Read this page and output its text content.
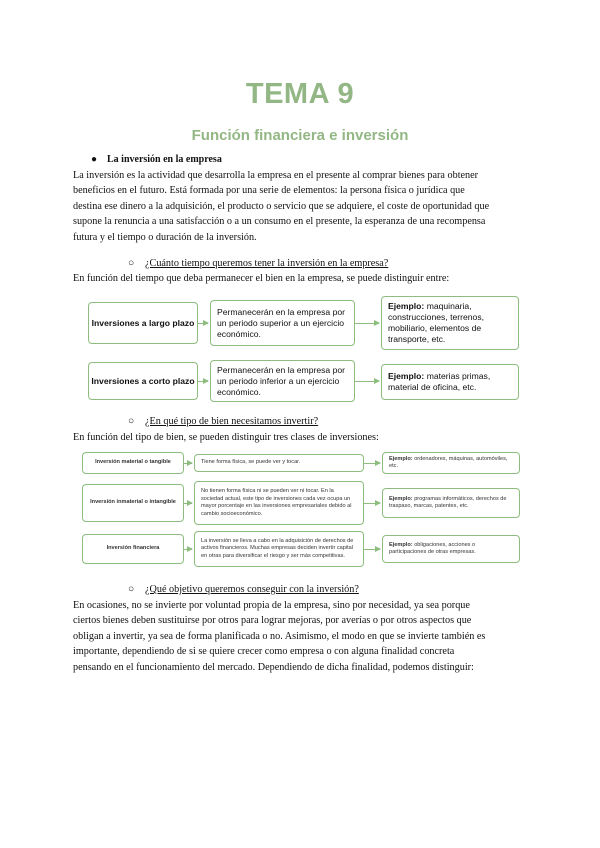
TEMA 9
Función financiera e inversión
● La inversión en la empresa
La inversión es la actividad que desarrolla la empresa en el presente al comprar bienes para obtener
beneficios en el futuro. Está formada por una serie de elementos: la persona física o jurídica que
destina ese dinero a la adquisición, el producto o servicio que se adquiere, el coste de oportunidad que
supone la renuncia a una satisfacción o a un consumo en el presente, la esperanza de una recompensa
futura y el tiempo o duración de la inversión.
○ ¿Cuánto tiempo queremos tener la inversión en la empresa?
En función del tiempo que deba permanecer el bien en la empresa, se puede distinguir entre:
Inversiones a largo plazo
Permanecerán en la empresa por un periodo superior a un ejercicio económico.
Ejemplo: maquinaria, construcciones, terrenos, mobiliario, elementos de transporte, etc.
Inversiones a corto plazo
Permanecerán en la empresa por un periodo inferior a un ejercicio económico.
Ejemplo: materias primas, material de oficina, etc.
○ ¿En qué tipo de bien necesitamos invertir?
En función del tipo de bien, se pueden distinguir tres clases de inversiones:
Inversión material o tangible	Tiene forma física, se puede ver y tocar.
Ejemplo: ordenadores, máquinas, automóviles, etc.
Inversión inmaterial o intangible
No tienen forma física ni se pueden ver ni tocar. En la sociedad actual, este tipo de inversiones cada vez ocupa un mayor porcentaje en las inversiones empresariales debido al cambio socioeconómico.
Ejemplo: programas informáticos, derechos de traspaso, marcas, patentes, etc.
Inversión financiera
La inversión se lleva a cabo en la adquisición de derechos de activos financieros. Muchas empresas deciden invertir capital en otras para diversificar el riesgo y ser más competitivas.
Ejemplo: obligaciones, acciones o participaciones de otras empresas.
○ ¿Qué objetivo queremos conseguir con la inversión?
En ocasiones, no se invierte por voluntad propia de la empresa, sino por necesidad, ya sea porque
ciertos bienes deben sustituirse por otros para lograr mejoras, por averías o por otros aspectos que
obligan a invertir, ya sea de forma planificada o no. Asimismo, el modo en que se invierte también es
importante, dependiendo de si se quiere crecer como empresa o con alguna finalidad concreta
pensando en el funcionamiento del mercado. Dependiendo de dicha finalidad, podemos distinguir:
